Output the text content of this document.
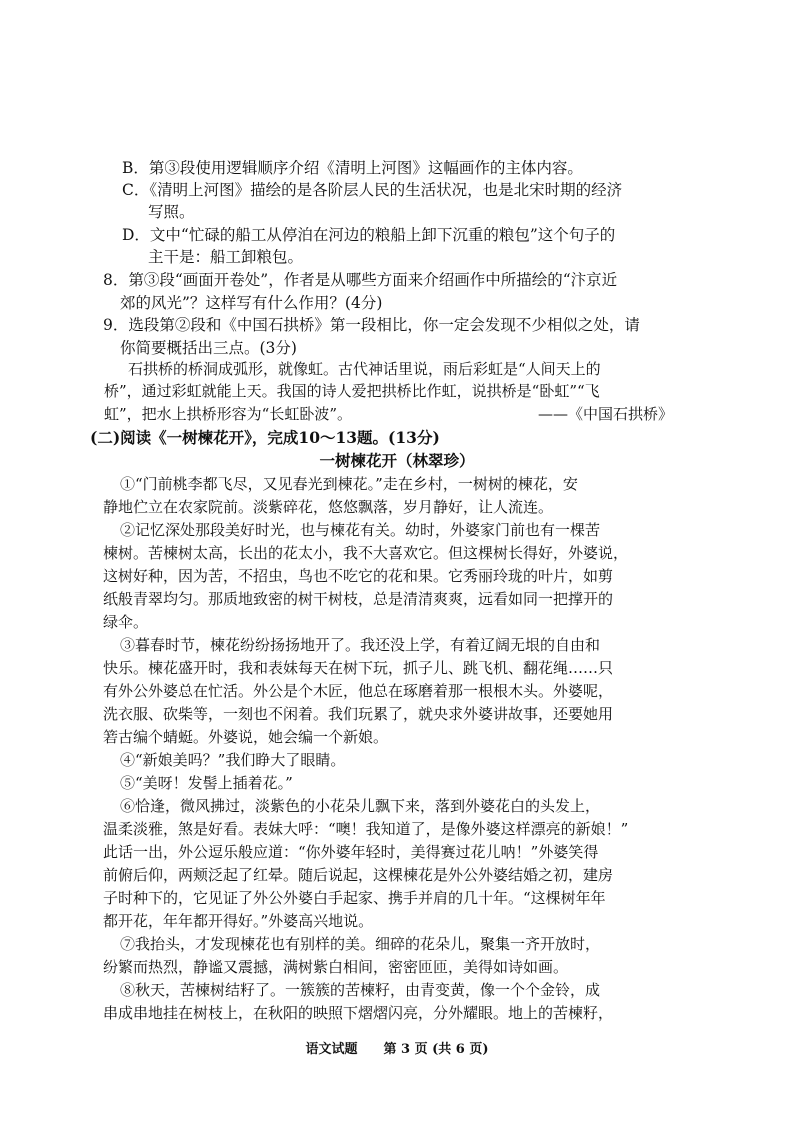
B．第③段使用逻辑顺序介绍《清明上河图》这幅画作的主体内容。
C．《清明上河图》描绘的是各阶层人民的生活状况，也是北宋时期的经济
写照。
D．文中“忙碌的船工从停泊在河边的粮船上卸下沉重的粮包”这个句子的
主干是：船工卸粮包。
8．第③段“画面开卷处”，作者是从哪些方面来介绍画作中所描绘的“汴京近
郊的风光”？这样写有什么作用？(4分)
9．选段第②段和《中国石拱桥》第一段相比，你一定会发现不少相似之处，请
你简要概括出三点。(3分)
石拱桥的桥洞成弧形，就像虹。古代神话里说，雨后彩虹是“人间天上的
桥”，通过彩虹就能上天。我国的诗人爱把拱桥比作虹，说拱桥是“卧虹”“飞
虹”，把水上拱桥形容为“长虹卧波”。	——《中国石拱桥》
(二)阅读《一树楝花开》，完成10～13题。(13分)
一树楝花开（林翠珍）
①“门前桃李都飞尽，又见春光到楝花。”走在乡村，一树树的楝花，安
静地伫立在农家院前。淡紫碎花，悠悠飘落，岁月静好，让人流连。
②记忆深处那段美好时光，也与楝花有关。幼时，外婆家门前也有一棵苦
楝树。苦楝树太高，长出的花太小，我不大喜欢它。但这棵树长得好，外婆说，
这树好种，因为苦，不招虫，鸟也不吃它的花和果。它秀丽玲珑的叶片，如剪
纸般青翠均匀。那质地致密的树干树枝，总是清清爽爽，远看如同一把撑开的
绿伞。
③暮春时节，楝花纷纷扬扬地开了。我还没上学，有着辽阔无垠的自由和
快乐。楝花盛开时，我和表妹每天在树下玩，抓子儿、跳飞机、翻花绳……只
有外公外婆总在忙活。外公是个木匠，他总在琢磨着那一根根木头。外婆呢，
洗衣服、砍柴等，一刻也不闲着。我们玩累了，就央求外婆讲故事，还要她用
箬古编个蜻蜓。外婆说，她会编一个新娘。
④“新娘美吗？”我们睁大了眼睛。
⑤“美呀！发髻上插着花。”
⑥恰逢，微风拂过，淡紫色的小花朵儿飘下来，落到外婆花白的头发上，
温柔淡雅，煞是好看。表妹大呼：“噢！我知道了，是像外婆这样漂亮的新娘！”
此话一出，外公逗乐般应道：“你外婆年轻时，美得赛过花儿呐！”外婆笑得
前俯后仰，两颊泛起了红晕。随后说起，这棵楝花是外公外婆结婚之初，建房
子时种下的，它见证了外公外婆白手起家、携手并肩的几十年。“这棵树年年
都开花，年年都开得好。”外婆高兴地说。
⑦我抬头，才发现楝花也有别样的美。细碎的花朵儿，聚集一齐开放时，
纷繁而热烈，静谧又震撼，满树紫白相间，密密匝匝，美得如诗如画。
⑧秋天，苦楝树结籽了。一簇簇的苦楝籽，由青变黄，像一个个金铃，成
串成串地挂在树枝上，在秋阳的映照下熠熠闪亮，分外耀眼。地上的苦楝籽，
语文试题　　第 3 页 (共 6 页)
